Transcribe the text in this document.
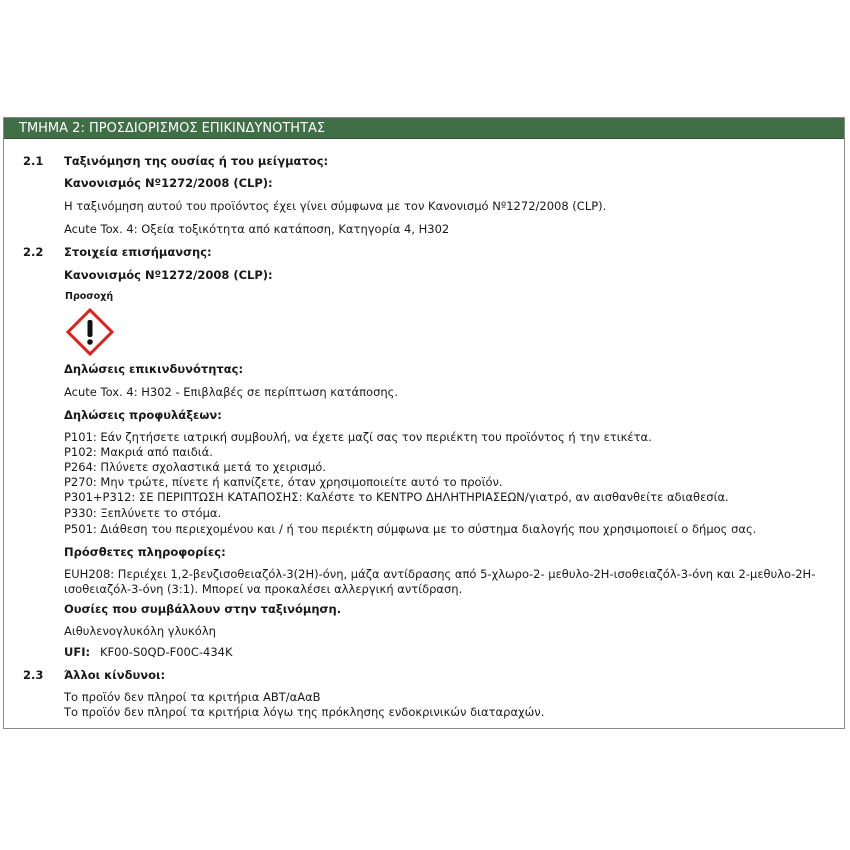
ΤΜΗΜΑ 2: ΠΡΟΣΔΙΟΡΙΣΜΟΣ ΕΠΙΚΙΝΔΥΝΟΤΗΤΑΣ
2.1 Ταξινόμηση της ουσίας ή του μείγματος:
Κανονισμός Νº1272/2008 (CLP):
Η ταξινόμηση αυτού του προϊόντος έχει γίνει σύμφωνα με τον Κανονισμό Νº1272/2008 (CLP).
Acute Tox. 4: Οξεία τοξικότητα από κατάποση, Κατηγορία 4, H302
2.2 Στοιχεία επισήμανσης:
Κανονισμός Νº1272/2008 (CLP):
Προσοχή
Δηλώσεις επικινδυνότητας:
Acute Tox. 4: H302 - Επιβλαβές σε περίπτωση κατάποσης.
Δηλώσεις προφυλάξεων:
P101: Εάν ζητήσετε ιατρική συμβουλή, να έχετε μαζί σας τον περιέκτη του προϊόντος ή την ετικέτα.
P102: Μακριά από παιδιά.
P264: Πλύνετε σχολαστικά μετά το χειρισμό.
P270: Μην τρώτε, πίνετε ή καπνίζετε, όταν χρησιμοποιείτε αυτό το προϊόν.
P301+P312: ΣΕ ΠΕΡΙΠΤΩΣΗ ΚΑΤΑΠΟΣΗΣ: Καλέστε το ΚΕΝΤΡΟ ΔΗΛΗΤΗΡΙΑΣΕΩΝ/γιατρό, αν αισθανθείτε αδιαθεσία.
P330: Ξεπλύνετε το στόμα.
P501: Διάθεση του περιεχομένου και / ή του περιέκτη σύμφωνα με το σύστημα διαλογής που χρησιμοποιεί ο δήμος σας.
Πρόσθετες πληροφορίες:
EUH208: Περιέχει 1,2-βενζισοθειαζόλ-3(2H)-όνη, μάζα αντίδρασης από 5-χλωρο-2- μεθυλο-2H-ισοθειαζόλ-3-όνη και 2-μεθυλο-2H-
ισοθειαζόλ-3-όνη (3:1). Μπορεί να προκαλέσει αλλεργική αντίδραση.
Ουσίες που συμβάλλουν στην ταξινόμηση.
Αιθυλενογλυκόλη γλυκόλη
UFI: KF00-S0QD-F00C-434K
2.3 Άλλοι κίνδυνοι:
Το προϊόν δεν πληροί τα κριτήρια ΑΒΤ/αΑαΒ
Το προϊόν δεν πληροί τα κριτήρια λόγω της πρόκλησης ενδοκρινικών διαταραχών.
